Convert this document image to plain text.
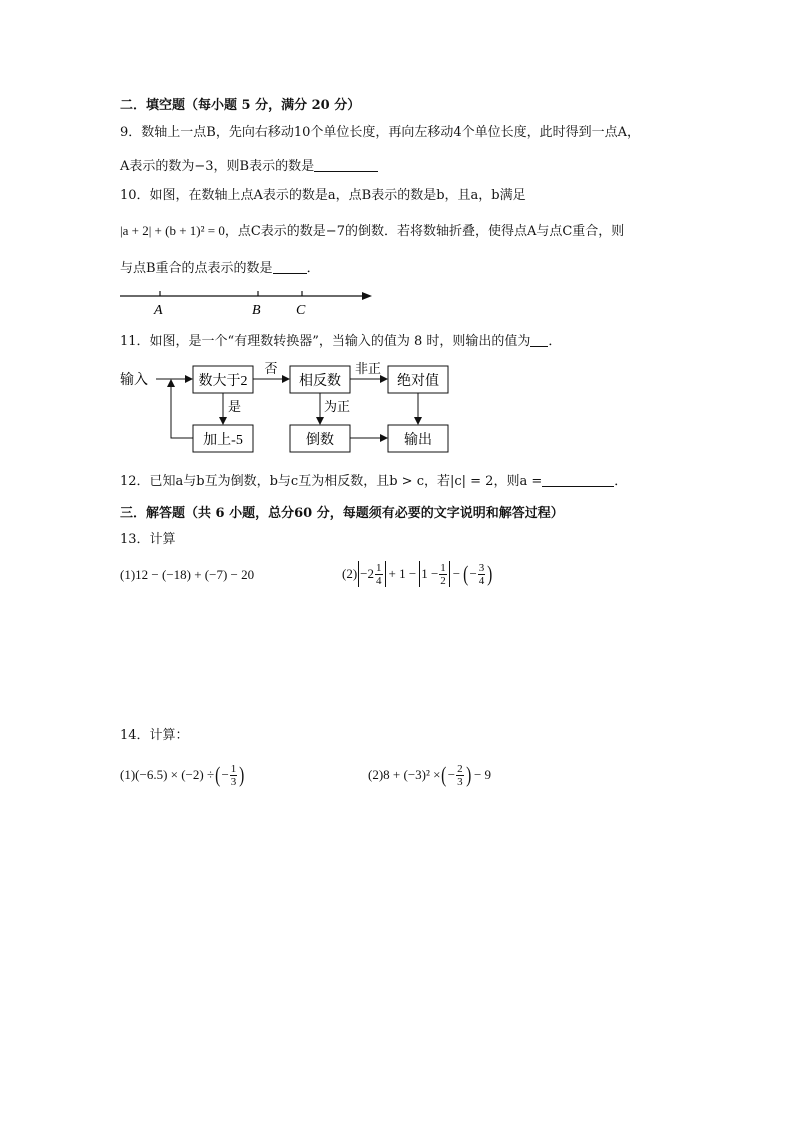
二．填空题（每小题 5 分，满分 20 分）
9．数轴上一点B，先向右移动10个单位长度，再向左移动4个单位长度，此时得到一点A，
A表示的数为−3，则B表示的数是
10．如图，在数轴上点A表示的数是a，点B表示的数是b，且a，b满足
|a + 2| + (b + 1)² = 0，点C表示的数是−7的倒数．若将数轴折叠，使得点A与点C重合，则
与点B重合的点表示的数是	．
A	B	C
11．如图，是一个“有理数转换器”，当输入的值为 8 时，则输出的值为 ．
输入	数大于2
否
相反数
非正
绝对值
是	为正
加上-5	倒数	输出
12．已知a与b互为倒数，b与c互为相反数，且b > c，若|c| = 2，则a =	．
三．解答题（共 6 小题，总分60 分，每题须有必要的文字说明和解答过程）
13．计算
(1)12 − (−18) + (−7) − 20	$(2) -2 \frac{1}{4} + 1 - 1 - \frac{1}{2}$ − ( − $\frac{3}{4}$ )
14．计算：
(1)(−6.5) × (−2) ÷ ( − $\frac{1}{3}$ )	(2)8 + (−3)² × ( − $\frac{2}{3}$ ) − 9
